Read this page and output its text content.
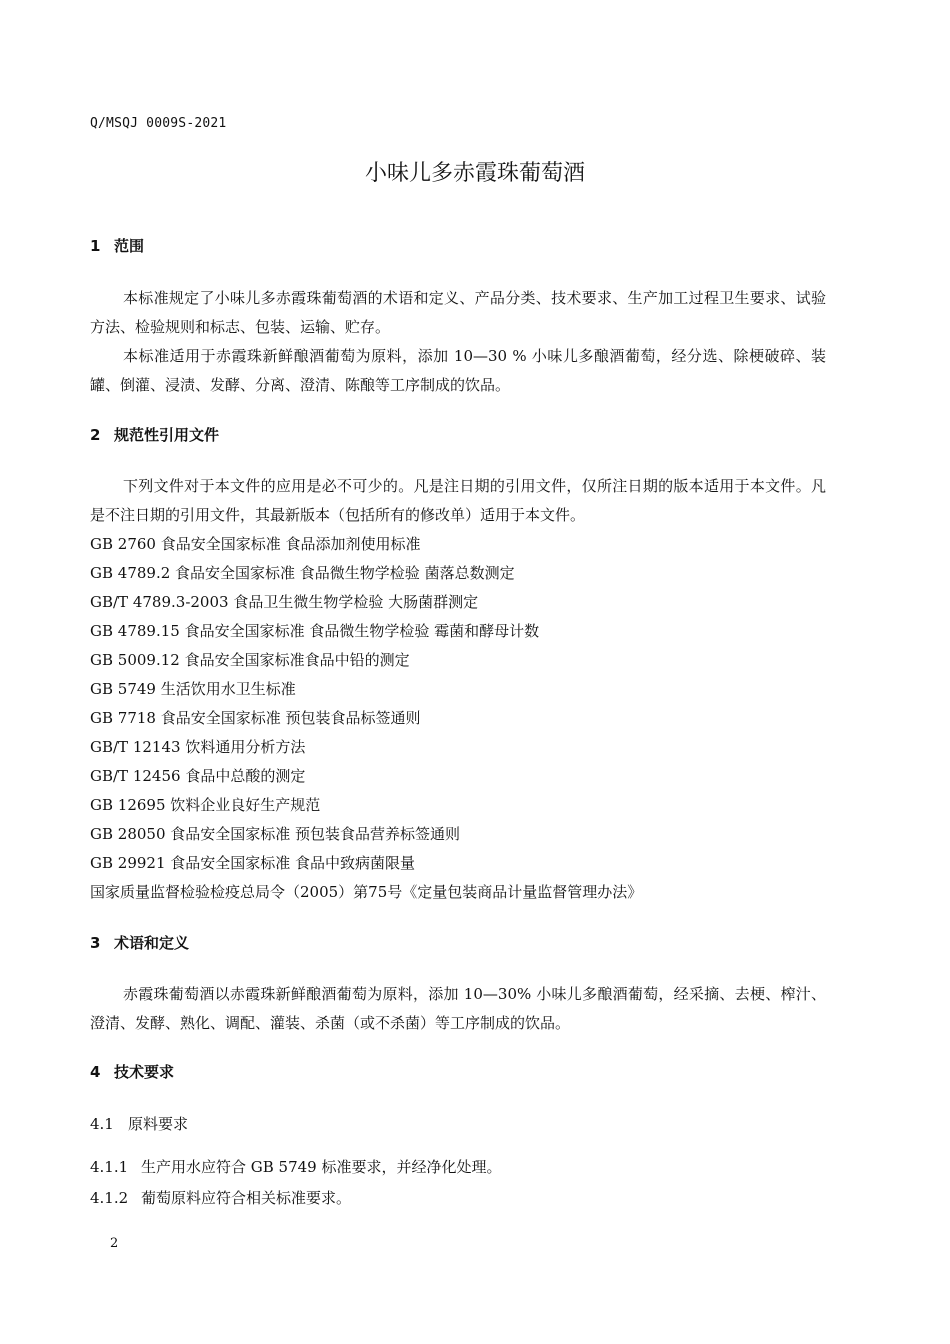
Q/MSQJ 0009S-2021
小味儿多赤霞珠葡萄酒
1 范围

本标准规定了小味儿多赤霞珠葡萄酒的术语和定义、产品分类、技术要求、生产加工过程卫生要求、试验方法、检验规则和标志、包装、运输、贮存。

本标准适用于赤霞珠新鲜酿酒葡萄为原料，添加 10—30 % 小味儿多酿酒葡萄，经分选、除梗破碎、装罐、倒灌、浸渍、发酵、分离、澄清、陈酿等工序制成的饮品。

2 规范性引用文件

下列文件对于本文件的应用是必不可少的。凡是注日期的引用文件，仅所注日期的版本适用于本文件。凡是不注日期的引用文件，其最新版本（包括所有的修改单）适用于本文件。

GB 2760 食品安全国家标准 食品添加剂使用标准
GB 4789.2 食品安全国家标准 食品微生物学检验 菌落总数测定
GB/T 4789.3-2003 食品卫生微生物学检验 大肠菌群测定
GB 4789.15 食品安全国家标准 食品微生物学检验 霉菌和酵母计数
GB 5009.12 食品安全国家标准食品中铅的测定
GB 5749 生活饮用水卫生标准
GB 7718 食品安全国家标准 预包装食品标签通则
GB/T 12143 饮料通用分析方法
GB/T 12456 食品中总酸的测定
GB 12695 饮料企业良好生产规范
GB 28050 食品安全国家标准 预包装食品营养标签通则
GB 29921 食品安全国家标准 食品中致病菌限量
国家质量监督检验检疫总局令（2005）第75号《定量包装商品计量监督管理办法》
3 术语和定义

赤霞珠葡萄酒以赤霞珠新鲜酿酒葡萄为原料，添加 10—30% 小味儿多酿酒葡萄，经采摘、去梗、榨汁、澄清、发酵、熟化、调配、灌装、杀菌（或不杀菌）等工序制成的饮品。

4 技术要求
4.1 原料要求
4.1.1 生产用水应符合 GB 5749 标准要求，并经净化处理。
4.1.2 葡萄原料应符合相关标准要求。
2
